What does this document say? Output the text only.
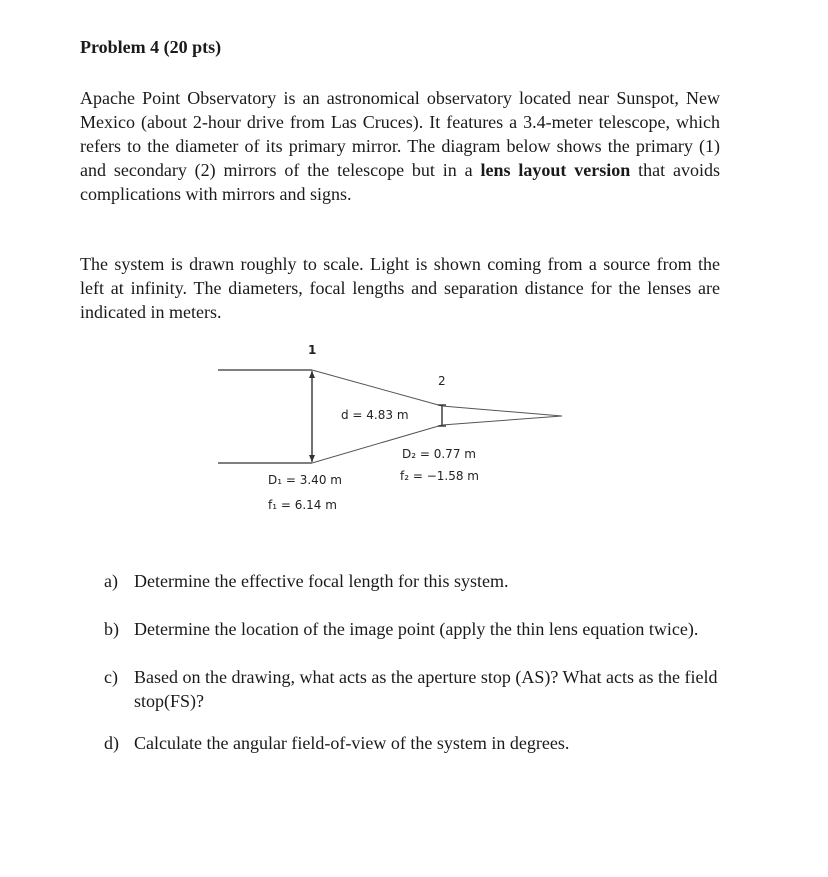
Problem 4 (20 pts)

Apache Point Observatory is an astronomical observatory located near Sunspot, New Mexico (about 2-hour drive from Las Cruces). It features a 3.4-meter telescope, which refers to the diameter of its primary mirror. The diagram below shows the primary (1) and secondary (2) mirrors of the telescope but in a lens layout version that avoids complications with mirrors and signs.

The system is drawn roughly to scale. Light is shown coming from a source from the left at infinity. The diameters, focal lengths and separation distance for the lenses are indicated in meters.

1
2
d = 4.83 m
D₂ = 0.77 m
f₂ = −1.58 m
D₁ = 3.40 m
f₁ = 6.14 m
a) Determine the effective focal length for this system.
b) Determine the location of the image point (apply the thin lens equation twice).
c) Based on the drawing, what acts as the aperture stop (AS)? What acts as the field stop(FS)?
d) Calculate the angular field-of-view of the system in degrees.
